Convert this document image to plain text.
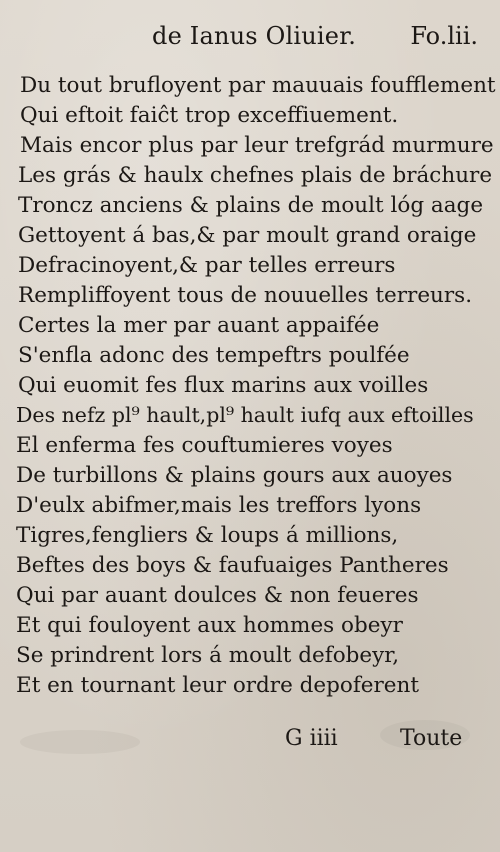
de Ianus Oliuier. Fo.lii.
Du tout brufloyent par mauuais foufflement
Qui eftoit faiĉt trop exceffiuement.
Mais encor plus par leur trefgrád murmure
Les grás & haulx chefnes plais de bráchure
Troncz anciens & plains de moult lóg aage
Gettoyent á bas,& par moult grand oraige
Defracinoyent,& par telles erreurs
Rempliffoyent tous de nouuelles terreurs.
Certes la mer par auant appaifée
S'enfla adonc des tempeftrs poulfée
Qui euomit fes flux marins aux voilles
Des nefz pl⁹ hault,pl⁹ hault iufq aux eftoilles
El enferma fes couftumieres voyes
De turbillons & plains gours aux auoyes
D'eulx abifmer,mais les treffors lyons
Tigres,fengliers & loups á millions,
Beftes des boys & faufuaiges Pantheres
Qui par auant doulces & non feueres
Et qui fouloyent aux hommes obeyr
Se prindrent lors á moult defobeyr,
Et en tournant leur ordre depoferent
G iiii	Toute
